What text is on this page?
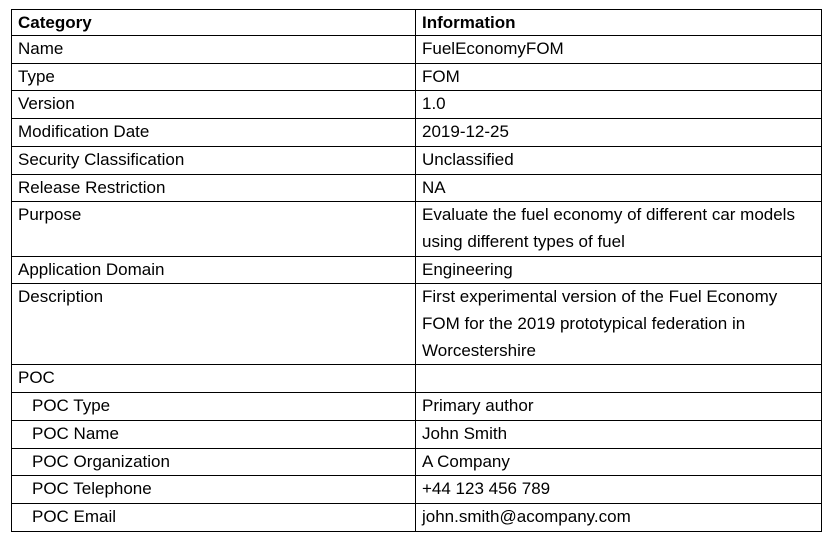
Category	Information
Name	FuelEconomyFOM
Type	FOM
Version	1.0
Modification Date	2019-12-25
Security Classification	Unclassified
Release Restriction	NA
Purpose	Evaluate the fuel economy of different car models using different types of fuel
Application Domain	Engineering
Description	First experimental version of the Fuel Economy FOM for the 2019 prototypical federation in Worcestershire
POC	
POC Type	Primary author
POC Name	John Smith
POC Organization	A Company
POC Telephone	+44 123 456 789
POC Email	john.smith@acompany.com
